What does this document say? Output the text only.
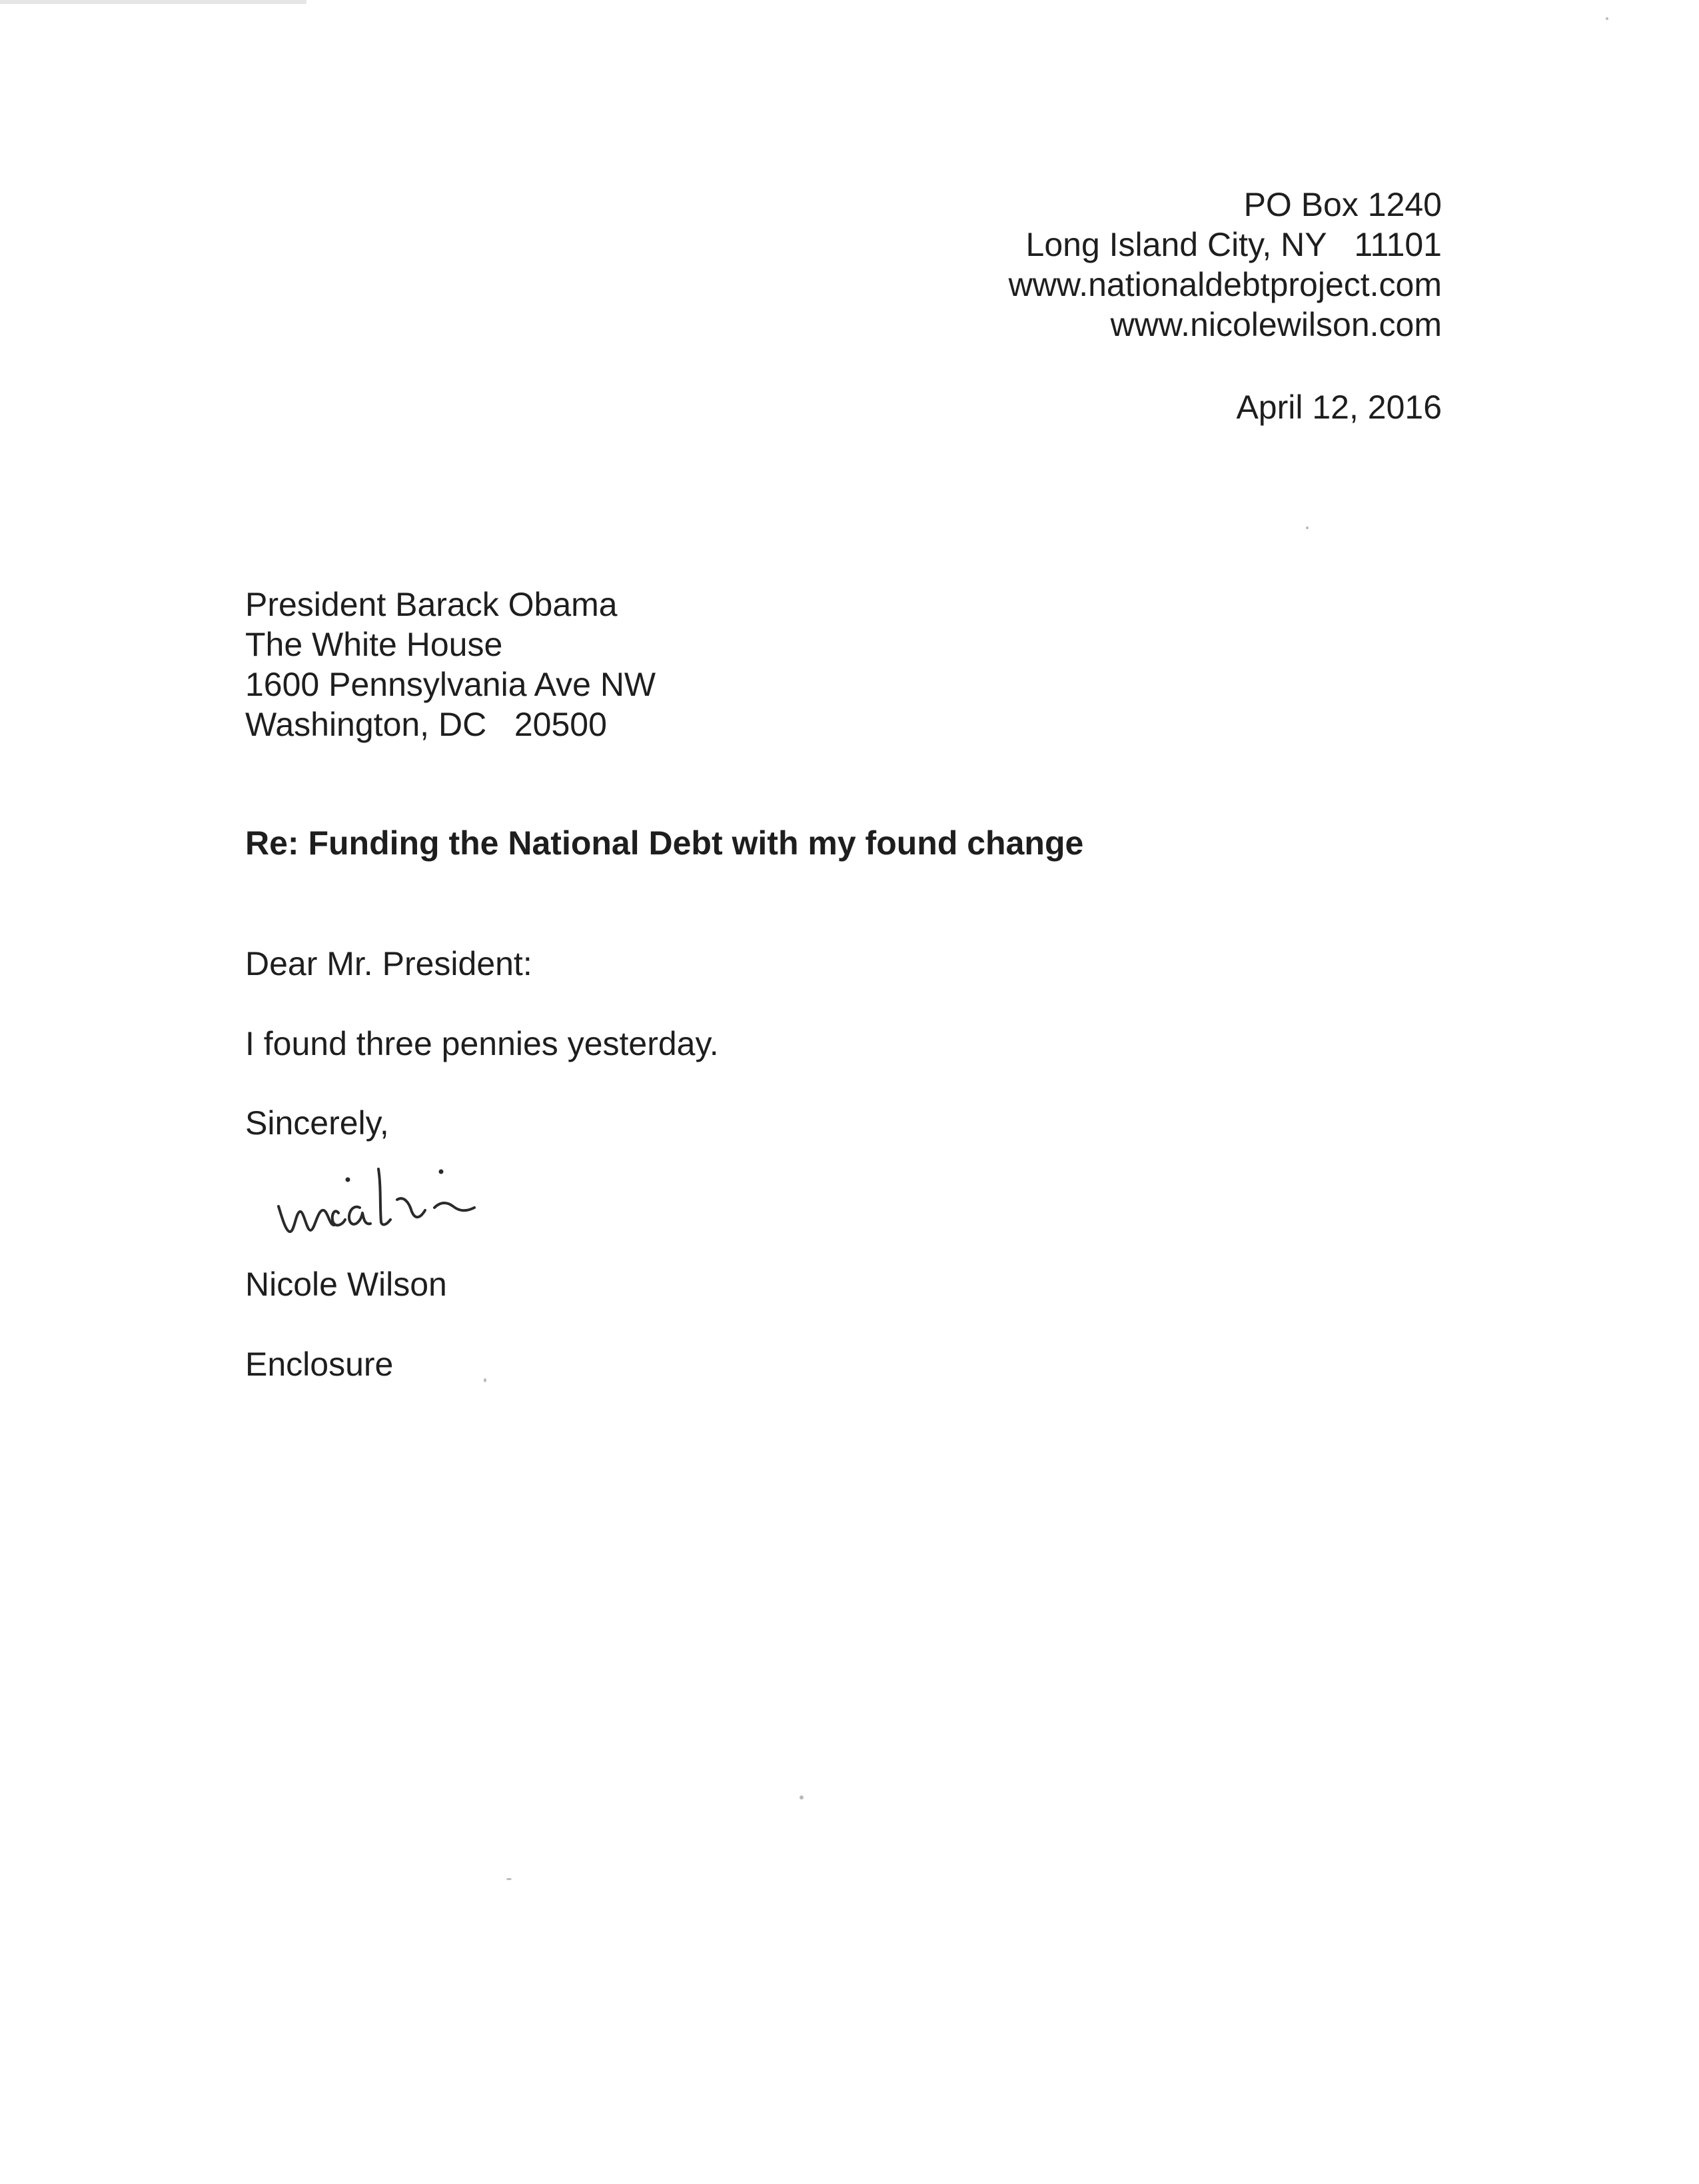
PO Box 1240

Long Island City, NY   11101

www.nationaldebtproject.com

www.nicolewilson.com

April 12, 2016

President Barack Obama

The White House

1600 Pennsylvania Ave NW

Washington, DC   20500

Re: Funding the National Debt with my found change

Dear Mr. President:

I found three pennies yesterday.

Sincerely,

Nicole Wilson

Enclosure
